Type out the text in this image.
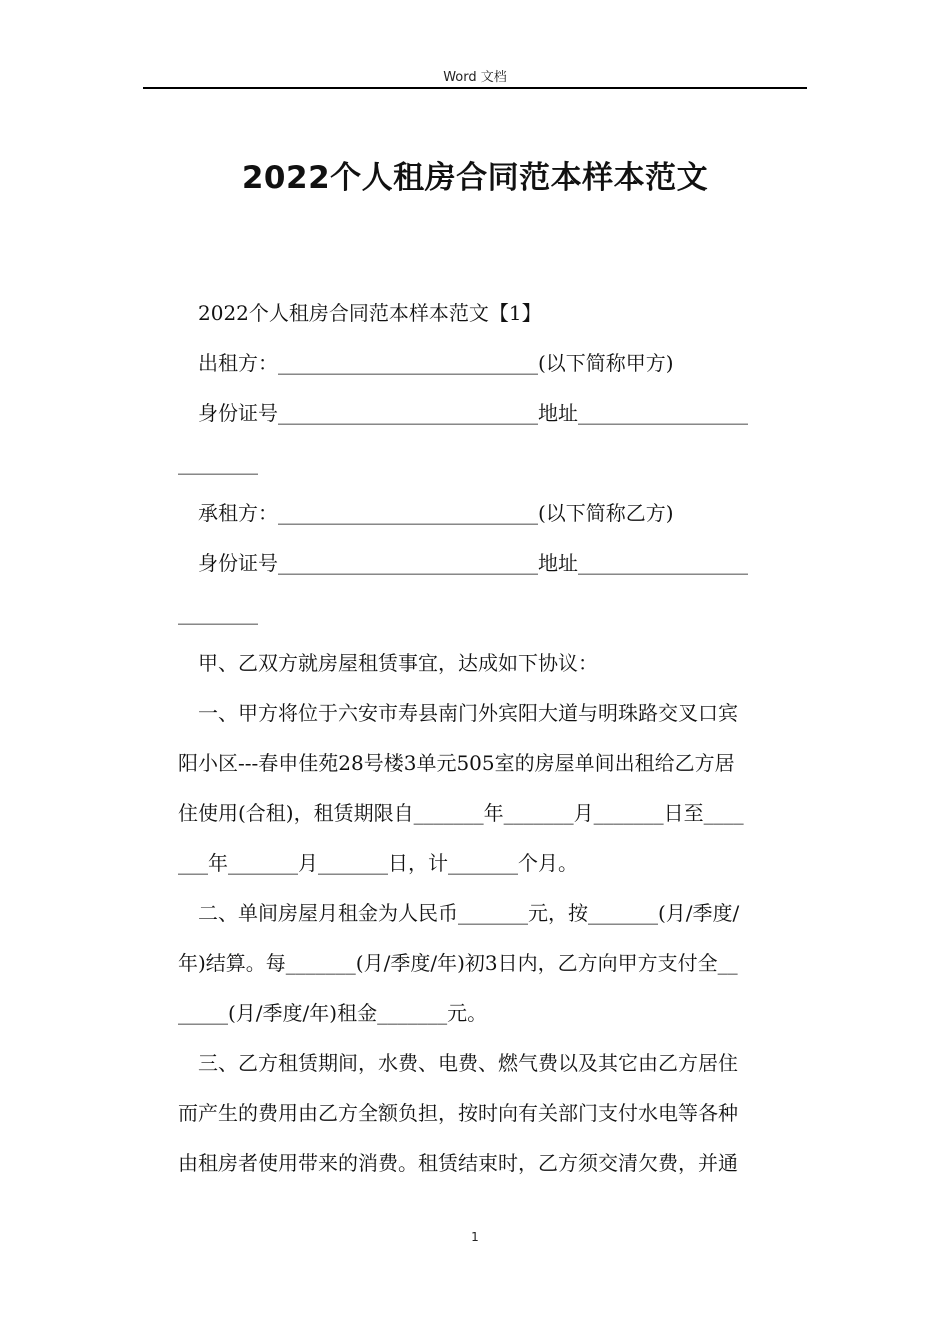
Word 文档
2022个人租房合同范本样本范文
2022个人租房合同范本样本范文【1】
出租方：__________________________(以下简称甲方)
身份证号__________________________地址_________________
________
承租方：__________________________(以下简称乙方)
身份证号__________________________地址_________________
________
甲、乙双方就房屋租赁事宜，达成如下协议：
一、甲方将位于六安市寿县南门外宾阳大道与明珠路交叉口宾
阳小区---春申佳苑28号楼3单元505室的房屋单间出租给乙方居
住使用(合租)，租赁期限自_______年_______月_______日至____
___年_______月_______日，计_______个月。
二、单间房屋月租金为人民币_______元，按_______(月/季度/
年)结算。每_______(月/季度/年)初3日内，乙方向甲方支付全__
_____(月/季度/年)租金_______元。
三、乙方租赁期间，水费、电费、燃气费以及其它由乙方居住
而产生的费用由乙方全额负担，按时向有关部门支付水电等各种
由租房者使用带来的消费。租赁结束时，乙方须交清欠费，并通
1
